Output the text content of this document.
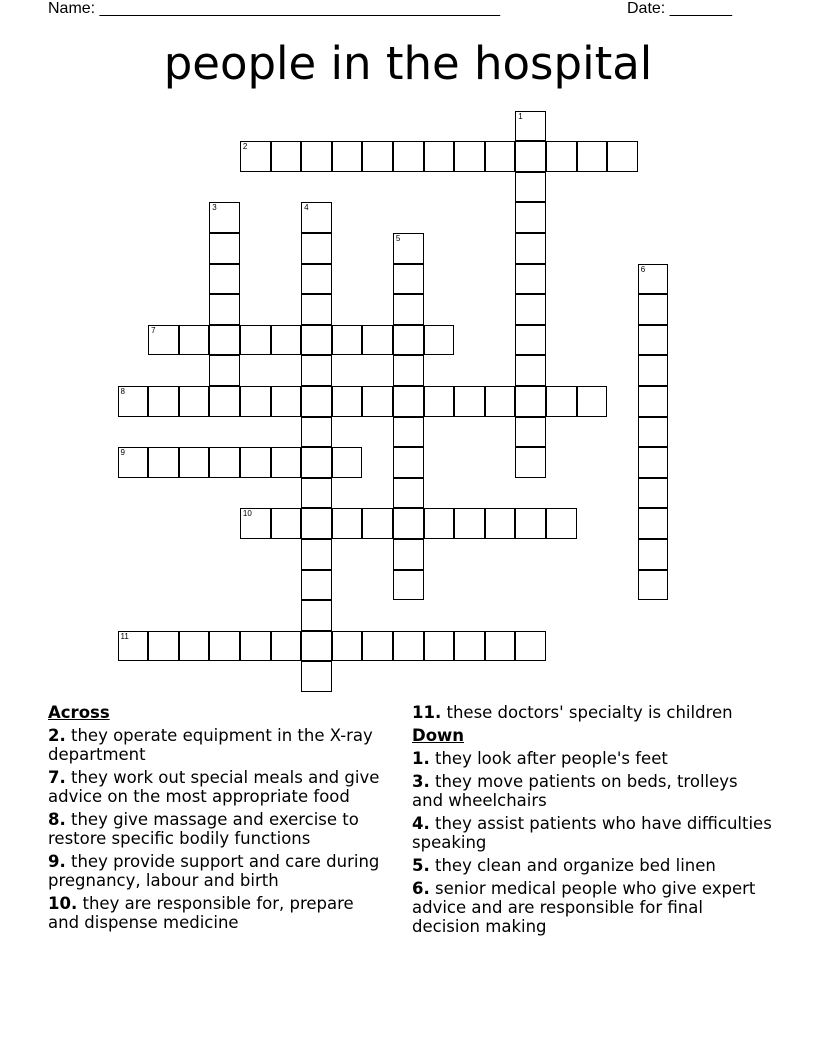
Name: _____________________________________________	Date: _______
people in the hospital
1
2
3	4
5
6
7
8
9
10
11
Across
2. they operate equipment in the X-ray department
7. they work out special meals and give advice on the most appropriate food
8. they give massage and exercise to restore specific bodily functions
9. they provide support and care during pregnancy, labour and birth
10. they are responsible for, prepare and dispense medicine
11. these doctors' specialty is children
Down
1. they look after people's feet
3. they move patients on beds, trolleys and wheelchairs
4. they assist patients who have difficulties speaking
5. they clean and organize bed linen
6. senior medical people who give expert advice and are responsible for final decision making
